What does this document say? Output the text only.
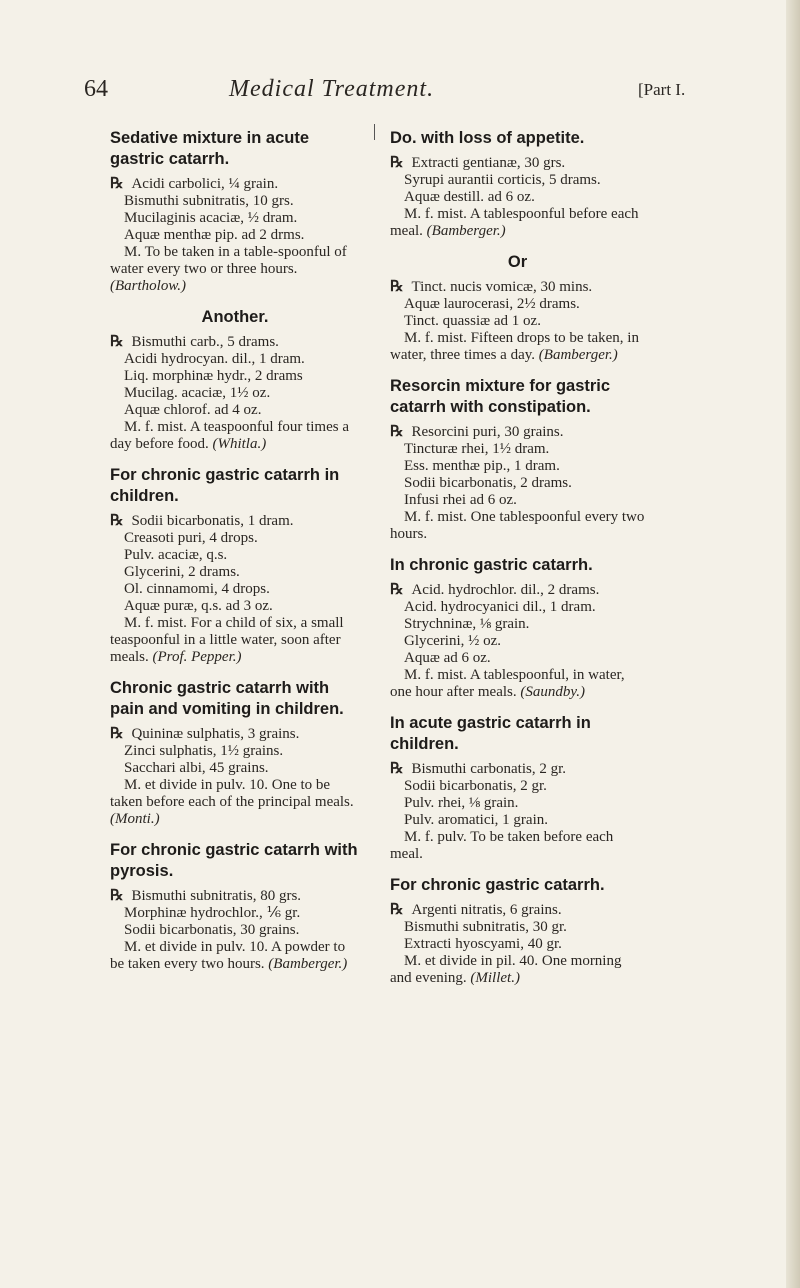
64	Medical Treatment.	[Part I.
Sedative mixture in acute gastric catarrh.
℞ Acidi carbolici, ¼ grain.
Bismuthi subnitratis, 10 grs.
Mucilaginis acaciæ, ½ dram.
Aquæ menthæ pip. ad 2 drms.
M. To be taken in a table-spoonful of water every two or three hours. (Bartholow.)
Another.
℞ Bismuthi carb., 5 drams.
Acidi hydrocyan. dil., 1 dram.
Liq. morphinæ hydr., 2 drams
Mucilag. acaciæ, 1½ oz.
Aquæ chlorof. ad 4 oz.
M. f. mist. A teaspoonful four times a day before food. (Whitla.)
For chronic gastric catarrh in children.
℞ Sodii bicarbonatis, 1 dram.
Creasoti puri, 4 drops.
Pulv. acaciæ, q.s.
Glycerini, 2 drams.
Ol. cinnamomi, 4 drops.
Aquæ puræ, q.s. ad 3 oz.
M. f. mist. For a child of six, a small teaspoonful in a little water, soon after meals. (Prof. Pepper.)
Chronic gastric catarrh with pain and vomiting in children.
℞ Quininæ sulphatis, 3 grains.
Zinci sulphatis, 1½ grains.
Sacchari albi, 45 grains.
M. et divide in pulv. 10. One to be taken before each of the principal meals. (Monti.)
For chronic gastric catarrh with pyrosis.
℞ Bismuthi subnitratis, 80 grs.
Morphinæ hydrochlor., ⅙ gr.
Sodii bicarbonatis, 30 grains.
M. et divide in pulv. 10. A powder to be taken every two hours. (Bamberger.)
Do. with loss of appetite.
℞ Extracti gentianæ, 30 grs.
Syrupi aurantii corticis, 5 drams.
Aquæ destill. ad 6 oz.
M. f. mist. A tablespoonful before each meal. (Bamberger.)
Or
℞ Tinct. nucis vomicæ, 30 mins.
Aquæ laurocerasi, 2½ drams.
Tinct. quassiæ ad 1 oz.
M. f. mist. Fifteen drops to be taken, in water, three times a day. (Bamberger.)
Resorcin mixture for gastric catarrh with constipation.
℞ Resorcini puri, 30 grains.
Tincturæ rhei, 1½ dram.
Ess. menthæ pip., 1 dram.
Sodii bicarbonatis, 2 drams.
Infusi rhei ad 6 oz.
M. f. mist. One tablespoonful every two hours.
In chronic gastric catarrh.
℞ Acid. hydrochlor. dil., 2 drams.
Acid. hydrocyanici dil., 1 dram.
Strychninæ, ⅛ grain.
Glycerini, ½ oz.
Aquæ ad 6 oz.
M. f. mist. A tablespoonful, in water, one hour after meals. (Saundby.)
In acute gastric catarrh in children.
℞ Bismuthi carbonatis, 2 gr.
Sodii bicarbonatis, 2 gr.
Pulv. rhei, ⅛ grain.
Pulv. aromatici, 1 grain.
M. f. pulv. To be taken before each meal.
For chronic gastric catarrh.
℞ Argenti nitratis, 6 grains.
Bismuthi subnitratis, 30 gr.
Extracti hyoscyami, 40 gr.
M. et divide in pil. 40. One morning and evening. (Millet.)
